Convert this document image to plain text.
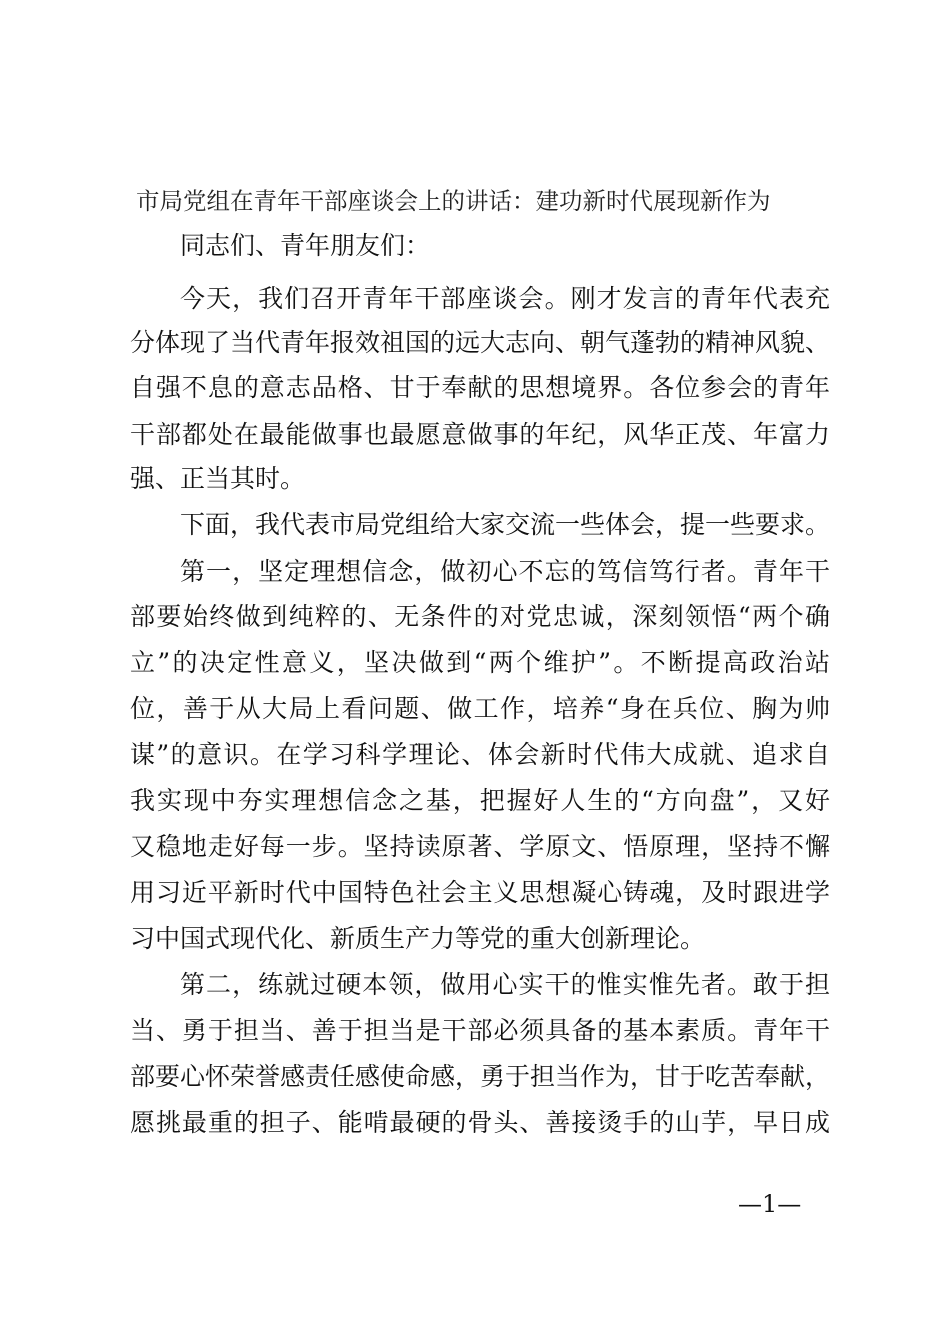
市局党组在青年干部座谈会上的讲话：建功新时代展现新作为
同志们、青年朋友们：
今天，我们召开青年干部座谈会。刚才发言的青年代表充
分体现了当代青年报效祖国的远大志向、朝气蓬勃的精神风貌、
自强不息的意志品格、甘于奉献的思想境界。各位参会的青年
干部都处在最能做事也最愿意做事的年纪，风华正茂、年富力
强、正当其时。
下面，我代表市局党组给大家交流一些体会，提一些要求。
第一，坚定理想信念，做初心不忘的笃信笃行者。青年干
部要始终做到纯粹的、无条件的对党忠诚，深刻领悟“两个确
立”的决定性意义，坚决做到“两个维护”。不断提高政治站
位，善于从大局上看问题、做工作，培养“身在兵位、胸为帅
谋”的意识。在学习科学理论、体会新时代伟大成就、追求自
我实现中夯实理想信念之基，把握好人生的“方向盘”，又好
又稳地走好每一步。坚持读原著、学原文、悟原理，坚持不懈
用习近平新时代中国特色社会主义思想凝心铸魂，及时跟进学
习中国式现代化、新质生产力等党的重大创新理论。
第二，练就过硬本领，做用心实干的惟实惟先者。敢于担
当、勇于担当、善于担当是干部必须具备的基本素质。青年干
部要心怀荣誉感责任感使命感，勇于担当作为，甘于吃苦奉献，
愿挑最重的担子、能啃最硬的骨头、善接烫手的山芋，早日成
—1—
